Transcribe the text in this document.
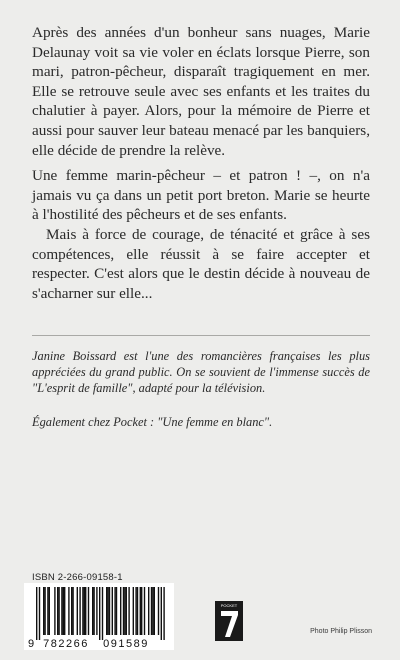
Après des années d'un bonheur sans nuages, Marie Delaunay voit sa vie voler en éclats lorsque Pierre, son mari, patron-pêcheur, disparaît tragiquement en mer. Elle se retrouve seule avec ses enfants et les traites du chalutier à payer. Alors, pour la mémoire de Pierre et aussi pour sauver leur bateau menacé par les banquiers, elle décide de prendre la relève.

Une femme marin-pêcheur – et patron ! –, on n'a jamais vu ça dans un petit port breton. Marie se heurte à l'hostilité des pêcheurs et de ses enfants.

Mais à force de courage, de ténacité et grâce à ses compétences, elle réussit à se faire accepter et respecter. C'est alors que le destin décide à nouveau de s'acharner sur elle...

Janine Boissard est l'une des romancières françaises les plus appréciées du grand public. On se souvient de l'immense succès de "L'esprit de famille", adapté pour la télévision.
Également chez Pocket : "Une femme en blanc".
ISBN 2-266-09158-1
9 782266 091589
POCKET
Photo Philip Plisson
